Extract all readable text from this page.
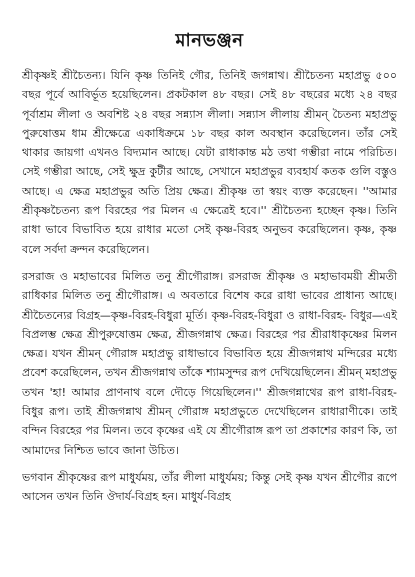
মানভঞ্জন

শ্রীকৃষ্ণই শ্রীচৈতন্য। যিনি কৃষ্ণ তিনিই গৌর, তিনিই জগন্নাথ। শ্রীচৈতন্য মহাপ্রভু ৫০০ বছর পূর্বে আবির্ভূত হয়েছিলেন। প্রকটকাল ৪৮ বছর। সেই ৪৮ বছরের মধ্যে ২৪ বছর পূর্বাশ্রম লীলা ও অবশিষ্ট ২৪ বছর সন্ন্যাস লীলা। সন্ন্যাস লীলায় শ্রীমন্‌ চৈতন্য মহাপ্রভু পুরুষোত্তম ধাম শ্রীক্ষেত্রে একাধিক্রমে ১৮ বছর কাল অবস্থান করেছিলেন। তাঁর সেই থাকার জায়গা এখনও বিদ্যমান আছে। যেটা রাধাকান্ত মঠ তথা গম্ভীরা নামে পরিচিত। সেই গম্ভীরা আছে, সেই ক্ষুদ্র কুটীর আছে, সেখানে মহাপ্রভুর ব্যবহার্য কতক গুলি বস্তুও আছে। এ ক্ষেত্র মহাপ্রভুর অতি প্রিয় ক্ষেত্র। শ্রীকৃষ্ণ তা স্বয়ং ব্যক্ত করেছেন। ''আমার শ্রীকৃষ্ণচৈতন্য রূপ বিরহের পর মিলন এ ক্ষেত্রেই হবে।'' শ্রীচৈতন্য হচ্ছেন কৃষ্ণ। তিনি রাধা ভাবে বিভাবিত হয়ে রাধার মতো সেই কৃষ্ণ-বিরহ অনুভব করেছিলেন। কৃষ্ণ, কৃষ্ণ বলে সর্বদা ক্রন্দন করেছিলেন।

রসরাজ ও মহাভাবের মিলিত তনু শ্রীগৌরাঙ্গ। রসরাজ শ্রীকৃষ্ণ ও মহাভাবময়ী শ্রীমতী রাধিকার মিলিত তনু শ্রীগৌরাঙ্গ। এ অবতারে বিশেষ করে রাধা ভাবের প্রাধান্য আছে। শ্রীচৈতন্যের বিগ্রহ—কৃষ্ণ-বিরহ-বিধুরা মূর্তি। কৃষ্ণ-বিরহ-বিধুরা ও রাধা-বিরহ- বিধুর—এই বিপ্রলম্ভ ক্ষেত্র শ্রীপুরুষোত্তম ক্ষেত্র, শ্রীজগন্নাথ ক্ষেত্র। বিরহের পর শ্রীরাধাকৃষ্ণের মিলন ক্ষেত্র। যখন শ্রীমন্‌ গৌরাঙ্গ মহাপ্রভু রাধাভাবে বিভাবিত হয়ে শ্রীজগন্নাথ মন্দিরের মধ্যে প্রবেশ করেছিলেন, তখন শ্রীজগন্নাথ তাঁকে শ্যামসুন্দর রূপ দেখিয়েছিলেন। শ্রীমন্‌ মহাপ্রভু তখন 'হা! আমার প্রাণনাথ বলে দৌড়ে গিয়েছিলেন।'' শ্রীজগন্নাথের রূপ রাধা-বিরহ-বিধুর রূপ। তাই শ্রীজগন্নাথ শ্রীমন্‌ গৌরাঙ্গ মহাপ্রভুতে দেখেছিলেন রাধারাণীকে। তাই বন্দিন বিরহের পর মিলন। তবে কৃষ্ণের এই যে শ্রীগৌরাঙ্গ রূপ তা প্রকাশের কারণ কি, তা আমাদের নিশ্চিত ভাবে জানা উচিত।

ভগবান শ্রীকৃষ্ণের রূপ মাধুর্যময়, তাঁর লীলা মাধুর্যময়; কিন্তু সেই কৃষ্ণ যখন শ্রীগৌর রূপে আসেন তখন তিনি ঔদার্য-বিগ্রহ হন। মাধুর্য-বিগ্রহ
